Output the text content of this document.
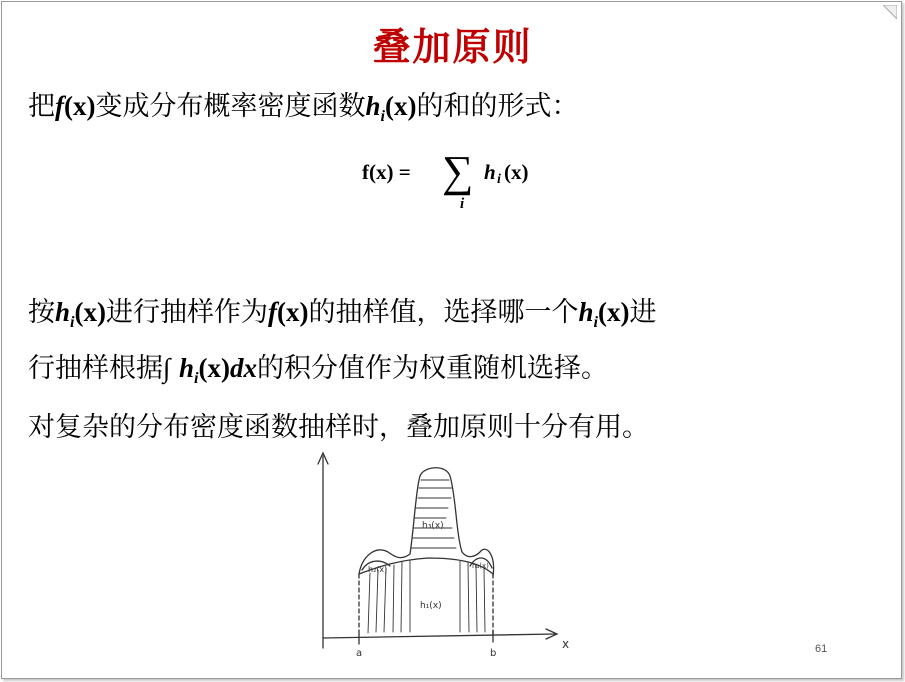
叠加原则
把f(x)变成分布概率密度函数$h_i(x)$的和的形式：
f(x) = ∑
i
h i (x)
按$h_i(x)$进行抽样作为f(x)的抽样值，选择哪一个$h_i(x)$进
行抽样根据∫ $h_i(x)dx$的积分值作为权重随机选择。
对复杂的分布密度函数抽样时，叠加原则十分有用。
h₃(x)
h₁(x)
h₂(x)	h₄(x)
a	b
x	61
